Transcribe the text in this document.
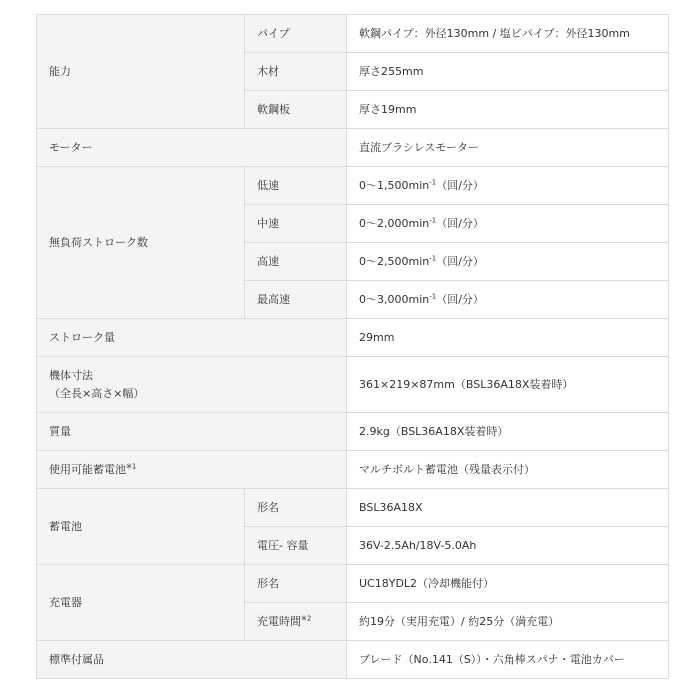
能力	パイプ	軟鋼パイプ：外径130mm / 塩ビパイプ：外径130mm
	木材	厚さ255mm
	軟鋼板	厚さ19mm
モーター		直流ブラシレスモーター
無負荷ストローク数	低速	$0\sim 1,500\min^{-1}$（回/分）
	中速	$0\sim 2,000\min^{-1}$（回/分）
	高速	$0\sim 2,500\min^{-1}$（回/分）
	最高速	$0\sim 3,000\min^{-1}$（回/分）
ストローク量		29mm

機体寸法
（全長×高さ×幅）		361×219×87mm（BSL36A18X装着時）
質量		2.9kg（BSL36A18X装着時）
使用可能蓄電池$^{※1}$		マルチボルト蓄電池（残量表示付）
蓄電池	形名	BSL36A18X
	電圧- 容量	36V-2.5Ah/18V-5.0Ah
充電器	形名	UC18YDL2（冷却機能付）
	充電時間$^{※2}$	約19分（実用充電）/ 約25分（満充電）
標準付属品		ブレード（No.141（S））・六角棒スパナ・電池カバー
